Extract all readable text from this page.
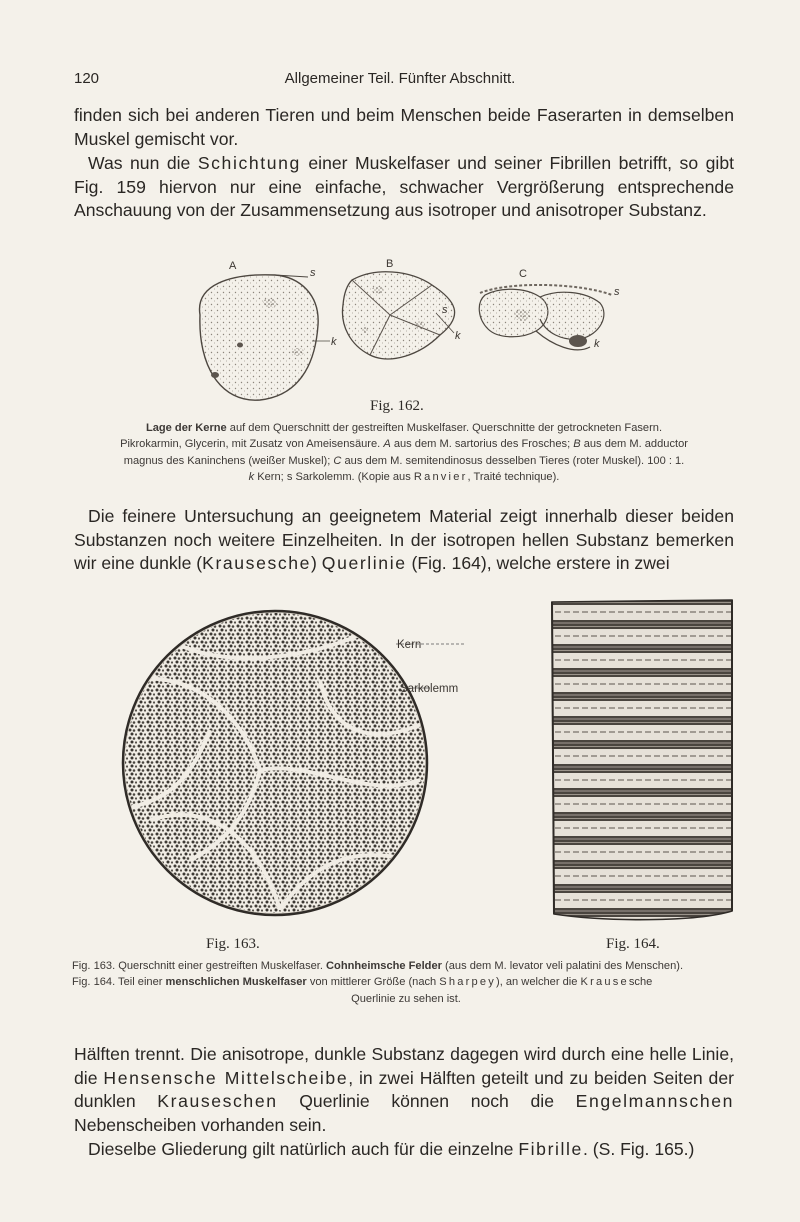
120	Allgemeiner Teil. Fünfter Abschnitt.

finden sich bei anderen Tieren und beim Menschen beide Faserarten in demselben

Muskel gemischt vor.

Was nun die Schichtung einer Muskelfaser und seiner Fibrillen betrifft, so gibt Fig. 159 hiervon nur eine einfache, schwacher Vergrößerung entsprechende Anschauung von der Zusammensetzung aus isotroper und anisotroper Substanz.

A
s
k
B
s
k
C
s
k
Fig. 162.
Lage der Kerne auf dem Querschnitt der gestreiften Muskelfaser. Querschnitte der getrockneten Fasern.
Pikrokarmin, Glycerin, mit Zusatz von Ameisensäure. A aus dem M. sartorius des Frosches; B aus dem M. adductor
magnus des Kaninchens (weißer Muskel); C aus dem M. semitendinosus desselben Tieres (roter Muskel). 100 : 1.
k Kern; s Sarkolemm. (Kopie aus Ranvier, Traité technique).

Die feinere Untersuchung an geeignetem Material zeigt innerhalb dieser beiden Substanzen noch weitere Einzelheiten. In der isotropen hellen Substanz bemerken wir eine dunkle (Krausesche) Querlinie (Fig. 164), welche erstere in zwei

Kern
Sarkolemm
Fig. 163.	Fig. 164.
Fig. 163. Querschnitt einer gestreiften Muskelfaser. Cohnheimsche Felder (aus dem M. levator veli palatini des Menschen).
Fig. 164. Teil einer menschlichen Muskelfaser von mittlerer Größe (nach Sharpey), an welcher die Krausesche
Querlinie zu sehen ist.

Hälften trennt. Die anisotrope, dunkle Substanz dagegen wird durch eine helle Linie, die Hensensche Mittelscheibe, in zwei Hälften geteilt und zu beiden Seiten der dunklen Krauseschen Querlinie können noch die Engelmannschen Nebenscheiben vorhanden sein.

Dieselbe Gliederung gilt natürlich auch für die einzelne Fibrille. (S. Fig. 165.)
